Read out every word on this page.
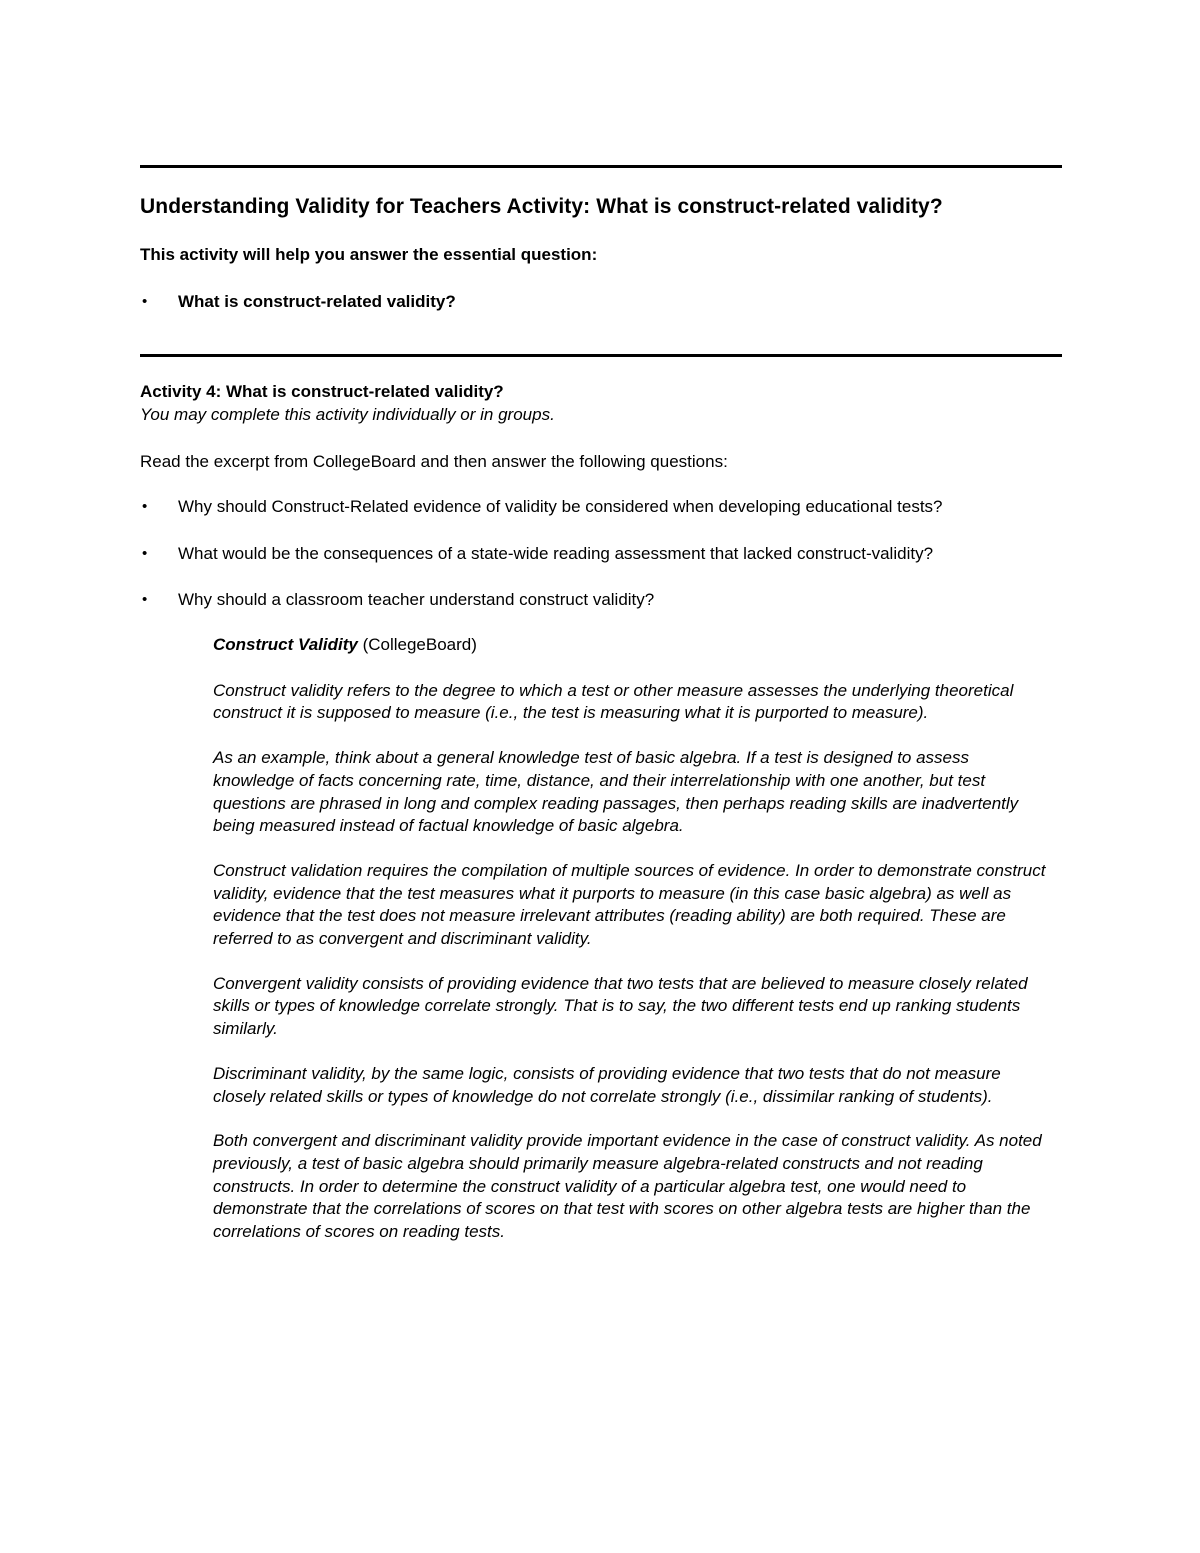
Understanding Validity for Teachers Activity: What is construct-related validity?
This activity will help you answer the essential question:
•	What is construct-related validity?
Activity 4: What is construct-related validity?
You may complete this activity individually or in groups.
Read the excerpt from CollegeBoard and then answer the following questions:
•	Why should Construct-Related evidence of validity be considered when developing educational tests?
•	What would be the consequences of a state-wide reading assessment that lacked construct-validity?
•	Why should a classroom teacher understand construct validity?
Construct Validity (CollegeBoard)

Construct validity refers to the degree to which a test or other measure assesses the underlying theoretical construct it is supposed to measure (i.e., the test is measuring what it is purported to measure).

As an example, think about a general knowledge test of basic algebra. If a test is designed to assess knowledge of facts concerning rate, time, distance, and their interrelationship with one another, but test questions are phrased in long and complex reading passages, then perhaps reading skills are inadvertently being measured instead of factual knowledge of basic algebra.

Construct validation requires the compilation of multiple sources of evidence. In order to demonstrate construct validity, evidence that the test measures what it purports to measure (in this case basic algebra) as well as evidence that the test does not measure irrelevant attributes (reading ability) are both required. These are referred to as convergent and discriminant validity.

Convergent validity consists of providing evidence that two tests that are believed to measure closely related skills or types of knowledge correlate strongly. That is to say, the two different tests end up ranking students similarly.

Discriminant validity, by the same logic, consists of providing evidence that two tests that do not measure closely related skills or types of knowledge do not correlate strongly (i.e., dissimilar ranking of students).

Both convergent and discriminant validity provide important evidence in the case of construct validity. As noted previously, a test of basic algebra should primarily measure algebra-related constructs and not reading constructs. In order to determine the construct validity of a particular algebra test, one would need to demonstrate that the correlations of scores on that test with scores on other algebra tests are higher than the correlations of scores on reading tests.
